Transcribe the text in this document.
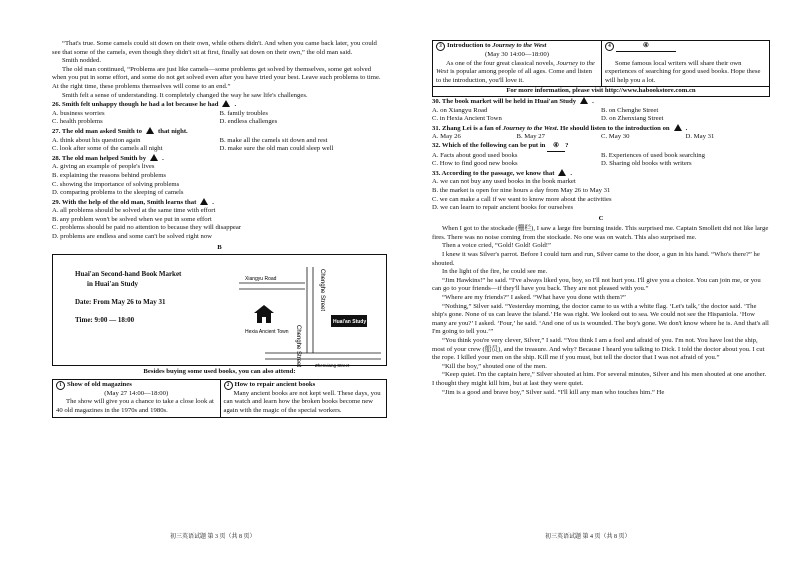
“That's true. Some camels could sit down on their own, while others didn't. And when you came back later, you could see that some of the camels, even though they didn't sit at first, finally sat down on their own,” the old man said.

Smith nodded.

The old man continued, “Problems are just like camels—some problems get solved by themselves, some get solved when you put in some effort, and some do not get solved even after you have tried your best. Leave such problems to time. At the right time, these problems themselves will come to an end.”

Smith felt a sense of understanding. It completely changed the way he saw life's challenges.

26. Smith felt unhappy though he had a lot because he had .

A. business worries	B. family troubles
C. health problems	D. endless challenges

27. The old man asked Smith to that night.

A. think about his question again	B. make all the camels sit down and rest
C. look after some of the camels all night	D. make sure the old man could sleep well

28. The old man helped Smith by .

A. giving an example of people's lives

B. explaining the reasons behind problems

C. showing the importance of solving problems

D. comparing problems to the sleeping of camels

29. With the help of the old man, Smith learns that .

A. all problems should be solved at the same time with effort

B. any problem won't be solved when we put in some effort

C. problems should be paid no attention to because they will disappear

D. problems are endless and some can't be solved right now

B

Huai'an Second-hand Book Market
in Huai'an Study

Date: From May 26 to May 31

Time: 9:00 — 18:00

Xiangyu Road	Chenghe Street
Chenghe Street	Zhenxiang Street
Hexia Ancient Town
Huai'an Study

Besides buying some used books, you can also attend:

1 Show of old magazines

(May 27 14:00—18:00)

The show will give you a chance to take a close look at 40 old magazines in the 1970s and 1980s.

2 How to repair ancient books

Many ancient books are not kept well. These days, you can watch and learn how the broken books become new again with the magic of the special workers.

初三英语试题 第 3 页（共 8 页）

3 Introduction to Journey to the West

(May 30 14:00—18:00)

As one of the four great classical novels, Journey to the West is popular among people of all ages. Come and listen to the introduction, you'll love it.

4	④

Some famous local writers will share their own experiences of searching for good used books. Hope these will help you a lot.

For more information, please visit http://www.habookstore.com.cn

30. The book market will be held in Huai'an Study .

A. on Xiangyu Road	B. on Chenghe Street
C. in Hexia Ancient Town	D. on Zhenxiang Street

31. Zhang Lei is a fan of Journey to the West. He should listen to the introduction on .

A. May 26	B. May 27	C. May 30	D. May 31

32. Which of the following can be put in ④ ?

A. Facts about good used books	B. Experiences of used book searching
C. How to find good new books	D. Sharing old books with writers

33. According to the passage, we know that .

A. we can not buy any used books in the book market

B. the market is open for nine hours a day from May 26 to May 31

C. we can make a call if we want to know more about the activities

D. we can learn to repair ancient books for ourselves

C

When I got to the stockade (栅栏), I saw a large fire burning inside. This surprised me. Captain Smollett did not like large fires. There was no noise coming from the stockade. No one was on watch. This also surprised me.

Then a voice cried, “Gold! Gold! Gold!”

I knew it was Silver's parrot. Before I could turn and run, Silver came to the door, a gun in his hand. “Who's there?” he shouted.

In the light of the fire, he could see me.

“Jim Hawkins!” he said. “I've always liked you, boy, so I'll not hurt you. I'll give you a choice. You can join me, or you can go to your friends—if they'll have you back. They are not pleased with you.”

“Where are my friends?” I asked. “What have you done with them?”

“Nothing,” Silver said. “Yesterday morning, the doctor came to us with a white flag. ‘Let's talk,’ the doctor said. ‘The ship's gone. None of us can leave the island.’ He was right. We looked out to sea. We could not see the Hispaniola. ‘How many are you?’ I asked. ‘Four,’ he said. ‘And one of us is wounded. The boy's gone. We don't know where he is. And that's all I'm going to tell you.’”

“You think you're very clever, Silver,” I said. “You think I am a fool and afraid of you. I'm not. You have lost the ship, most of your crew (船员), and the treasure. And why? Because I heard you talking to Dick. I told the doctor about you. I cut the rope. I killed your men on the ship. Kill me if you must, but tell the doctor that I was not afraid of you.”

“Kill the boy,” shouted one of the men.

“Keep quiet. I'm the captain here,” Silver shouted at him. For several minutes, Silver and his men shouted at one another. I thought they might kill him, but at last they were quiet.

“Jim is a good and brave boy,” Silver said. “I'll kill any man who touches him.” He

初三英语试题 第 4 页（共 8 页）
